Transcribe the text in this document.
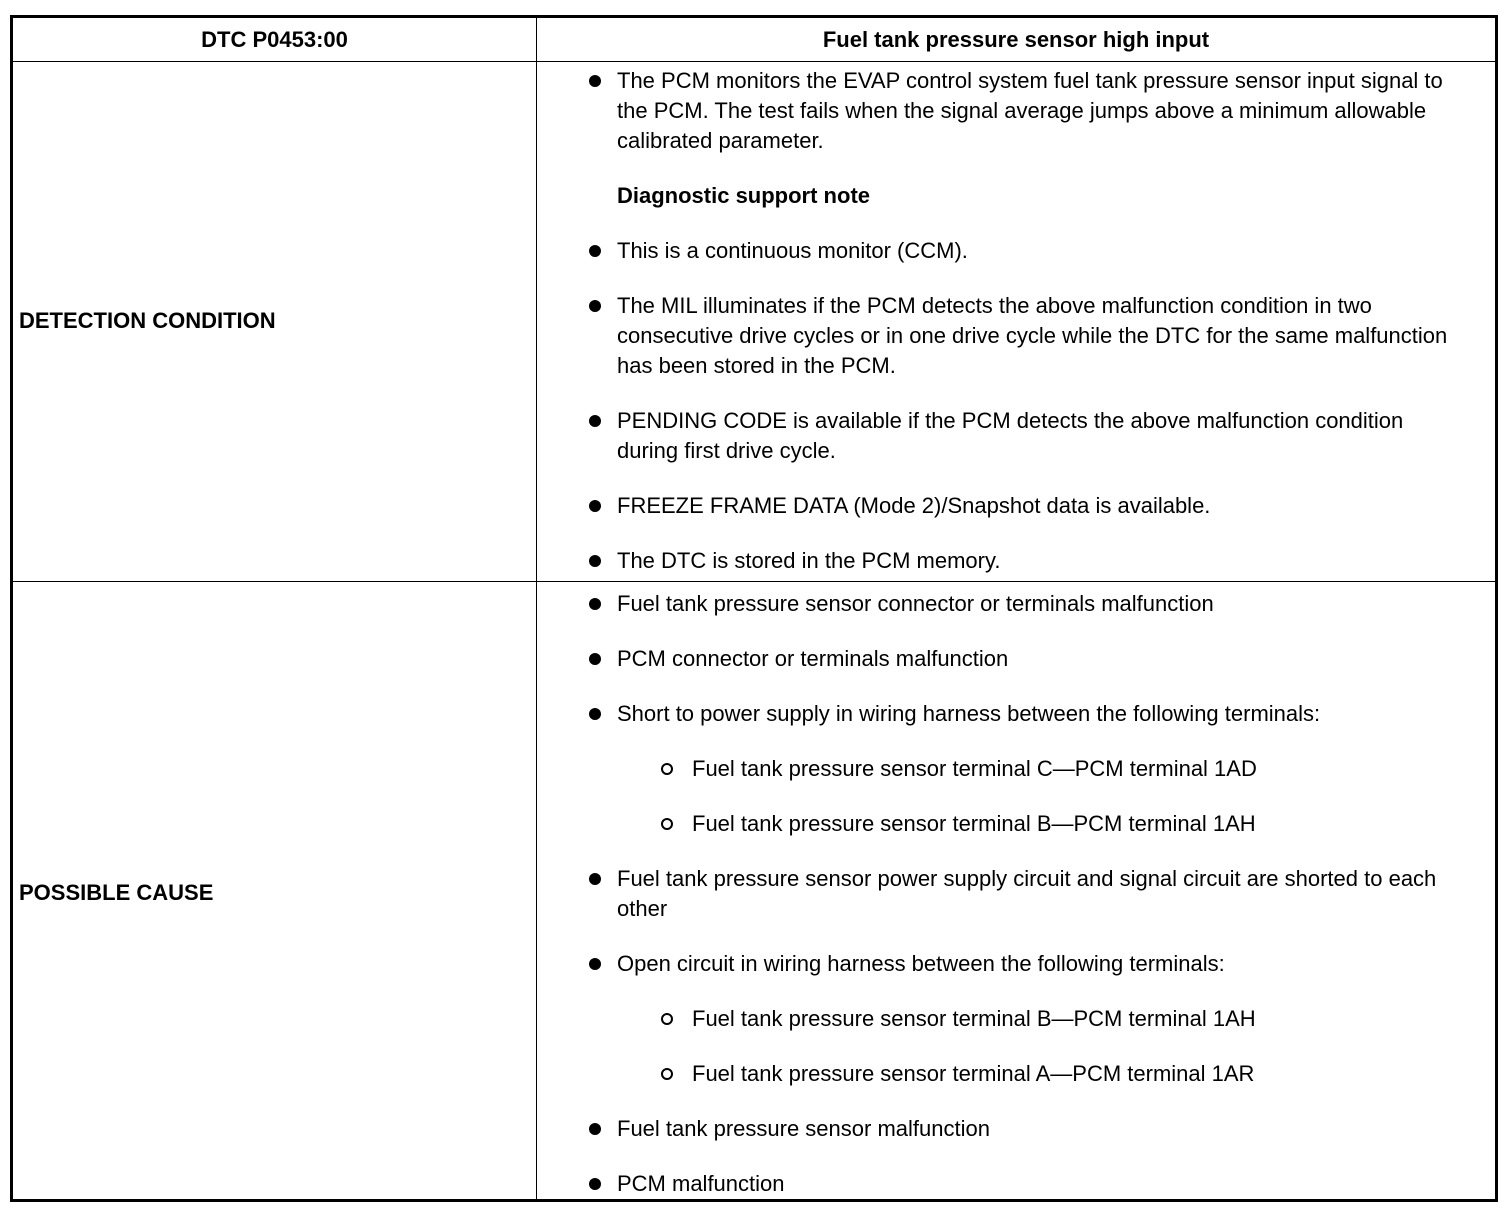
DTC P0453:00	Fuel tank pressure sensor high input
DETECTION CONDITION
POSSIBLE CAUSE
The PCM monitors the EVAP control system fuel tank pressure sensor input signal to the PCM. The test fails when the signal average jumps above a minimum allowable calibrated parameter.
Diagnostic support note
This is a continuous monitor (CCM).
The MIL illuminates if the PCM detects the above malfunction condition in two consecutive drive cycles or in one drive cycle while the DTC for the same malfunction has been stored in the PCM.
PENDING CODE is available if the PCM detects the above malfunction condition during first drive cycle.
FREEZE FRAME DATA (Mode 2)/Snapshot data is available.
The DTC is stored in the PCM memory.
Fuel tank pressure sensor connector or terminals malfunction
PCM connector or terminals malfunction
Short to power supply in wiring harness between the following terminals:
Fuel tank pressure sensor terminal C—PCM terminal 1AD
Fuel tank pressure sensor terminal B—PCM terminal 1AH
Fuel tank pressure sensor power supply circuit and signal circuit are shorted to each other
Open circuit in wiring harness between the following terminals:
Fuel tank pressure sensor terminal B—PCM terminal 1AH
Fuel tank pressure sensor terminal A—PCM terminal 1AR
Fuel tank pressure sensor malfunction
PCM malfunction
